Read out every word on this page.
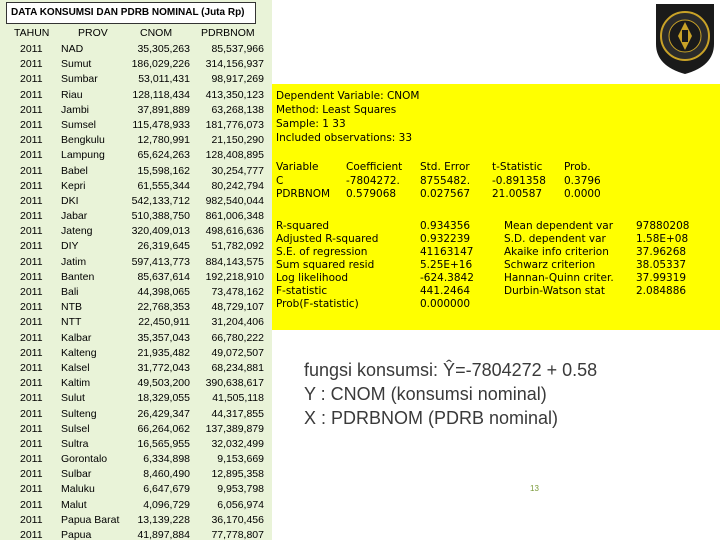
DATA KONSUMSI DAN PDRB NOMINAL (Juta Rp)
TAHUN	PROV	CNOM	PDRBNOM
2011 NAD	35,305,263 85,537,966
2011 Sumut	186,029,226 314,156,937
2011 Sumbar	53,011,431 98,917,269
2011 Riau	128,118,434 413,350,123
2011 Jambi	37,891,889 63,268,138
2011 Sumsel	115,478,933 181,776,073
2011 Bengkulu	12,780,991 21,150,290
2011 Lampung	65,624,263 128,408,895
2011 Babel	15,598,162 30,254,777
2011 Kepri	61,555,344 80,242,794
2011 DKI	542,133,712 982,540,044
2011 Jabar	510,388,750 861,006,348
2011 Jateng	320,409,013 498,616,636
2011 DIY	26,319,645 51,782,092
2011 Jatim	597,413,773 884,143,575
2011 Banten	85,637,614 192,218,910
2011 Bali	44,398,065 73,478,162
2011 NTB	22,768,353 48,729,107
2011 NTT	22,450,911 31,204,406
2011 Kalbar	35,357,043 66,780,222
2011 Kalteng	21,935,482 49,072,507
2011 Kalsel	31,772,043 68,234,881
2011 Kaltim	49,503,200 390,638,617
2011 Sulut	18,329,055 41,505,118
2011 Sulteng	26,429,347 44,317,855
2011 Sulsel	66,264,062 137,389,879
2011 Sultra	16,565,955 32,032,499
2011 Gorontalo	6,334,898	9,153,669
2011 Sulbar	8,460,490 12,895,358
2011 Maluku	6,647,679	9,953,798
2011 Malut	4,096,729	6,056,974
2011 Papua Barat 13,139,228 36,170,456
2011 Papua	41,897,884 77,778,807
Dependent Variable: CNOM
Method: Least Squares
Sample: 1 33
Included observations: 33
Variable	Coefficient Std. Error t-Statistic Prob.
C	-7804272. 8755482. -0.891358 0.3796
PDRBNOM 0.579068 0.027567 21.00587 0.0000
R-squared	0.934356
Adjusted R-squared	0.932239
S.E. of regression	41163147
Sum squared resid	5.25E+16
Log likelihood	-624.3842
F-statistic	441.2464
Prob(F-statistic)	0.000000
Mean dependent var 97880208
S.D. dependent var	1.58E+08
Akaike info criterion	37.96268
Schwarz criterion	38.05337
Hannan-Quinn criter. 37.99319
Durbin-Watson stat	2.084886
fungsi konsumsi: Ŷ=-7804272 + 0.58
Y : CNOM (konsumsi nominal)
X : PDRBNOM (PDRB nominal)
13
